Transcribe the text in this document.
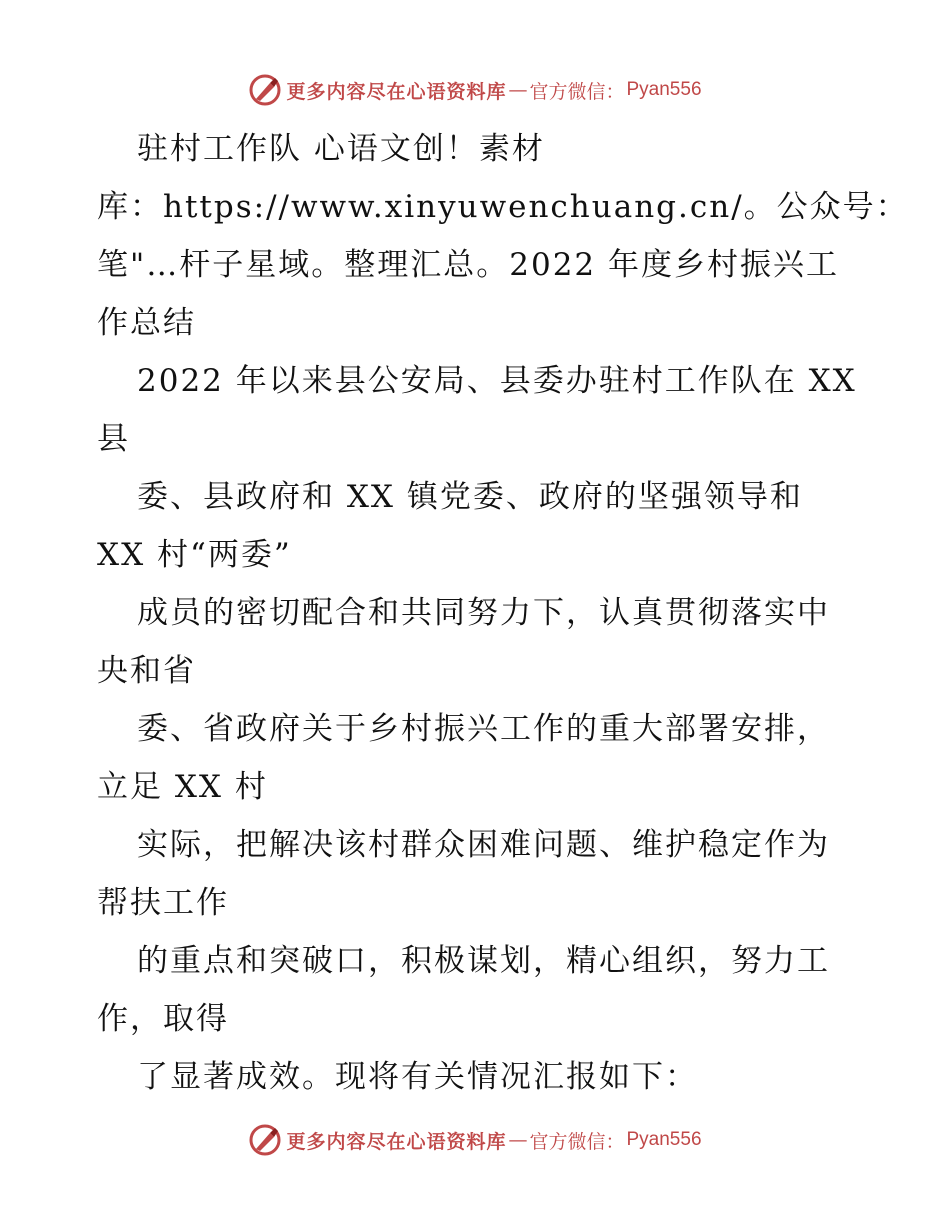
更多内容尽在心语资料库 — 官方微信： Pyan556
驻村工作队 心语文创！素材
库：https://www.xinyuwenchuang.cn/。公众号：
笔"…杆子星域。整理汇总。2022 年度乡村振兴工
作总结
2022 年以来县公安局、县委办驻村工作队在 XX
县
委、县政府和 XX 镇党委、政府的坚强领导和
XX 村“两委”
成员的密切配合和共同努力下，认真贯彻落实中
央和省
委、省政府关于乡村振兴工作的重大部署安排，
立足 XX 村
实际，把解决该村群众困难问题、维护稳定作为
帮扶工作
的重点和突破口，积极谋划，精心组织，努力工
作，取得
了显著成效。现将有关情况汇报如下：
更多内容尽在心语资料库 — 官方微信： Pyan556
